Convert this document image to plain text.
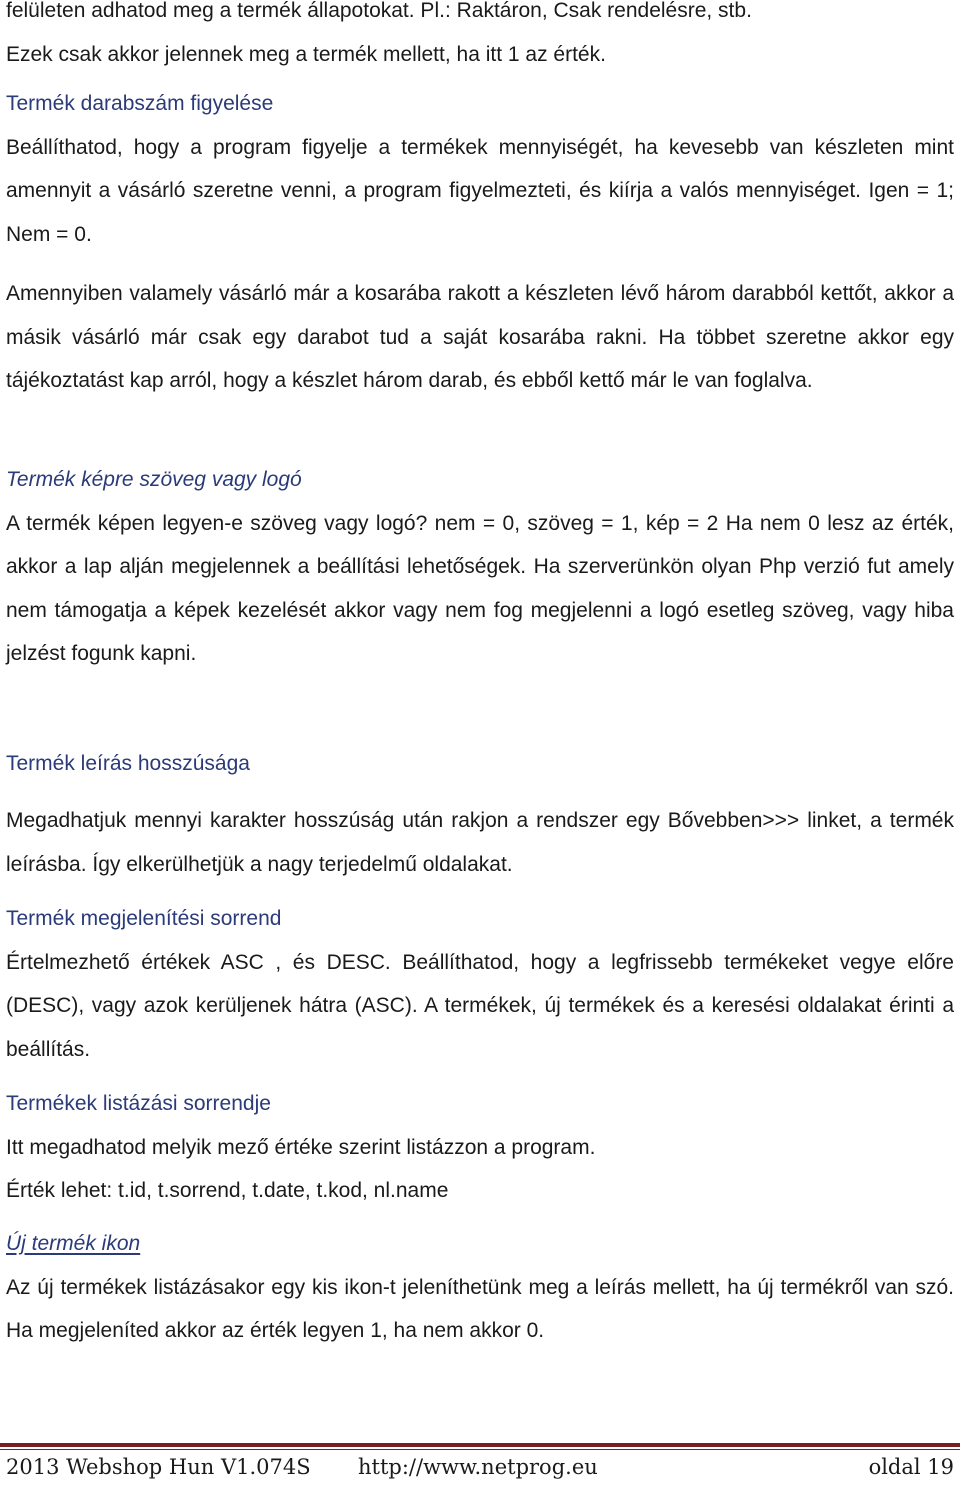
felületen adhatod meg a termék állapotokat. Pl.: Raktáron, Csak rendelésre, stb.

Ezek csak akkor jelennek meg a termék mellett, ha itt 1 az érték.

Termék darabszám figyelése

Beállíthatod, hogy a program figyelje a termékek mennyiségét, ha kevesebb van készleten mint amennyit a vásárló szeretne venni, a program figyelmezteti, és kiírja a valós mennyiséget. Igen = 1; Nem = 0.

Amennyiben valamely vásárló már a kosarába rakott a készleten lévő három darabból kettőt, akkor a másik vásárló már csak egy darabot tud a saját kosarába rakni. Ha többet szeretne akkor egy tájékoztatást kap arról, hogy a készlet három darab, és ebből kettő már le van foglalva.

Termék képre szöveg vagy logó

A termék képen legyen-e szöveg vagy logó? nem = 0, szöveg = 1, kép = 2 Ha nem 0 lesz az érték, akkor a lap alján megjelennek a beállítási lehetőségek. Ha szerverünkön olyan Php verzió fut amely nem támogatja a képek kezelését akkor vagy nem fog megjelenni a logó esetleg szöveg, vagy hiba jelzést fogunk kapni.

Termék leírás hosszúsága

Megadhatjuk mennyi karakter hosszúság után rakjon a rendszer egy Bővebben>>> linket, a termék leírásba. Így elkerülhetjük a nagy terjedelmű oldalakat.

Termék megjelenítési sorrend

Értelmezhető értékek ASC , és DESC. Beállíthatod, hogy a legfrissebb termékeket vegye előre (DESC), vagy azok kerüljenek hátra (ASC). A termékek, új termékek és a keresési oldalakat érinti a beállítás.

Termékek listázási sorrendje

Itt megadhatod melyik mező értéke szerint listázzon a program.

Érték lehet: t.id, t.sorrend, t.date, t.kod, nl.name

Új termék ikon

Az új termékek listázásakor egy kis ikon-t jeleníthetünk meg a leírás mellett, ha új termékről van szó. Ha megjeleníted akkor az érték legyen 1, ha nem akkor 0.

2013 Webshop Hun V1.074S http://www.netprog.eu	oldal 19
